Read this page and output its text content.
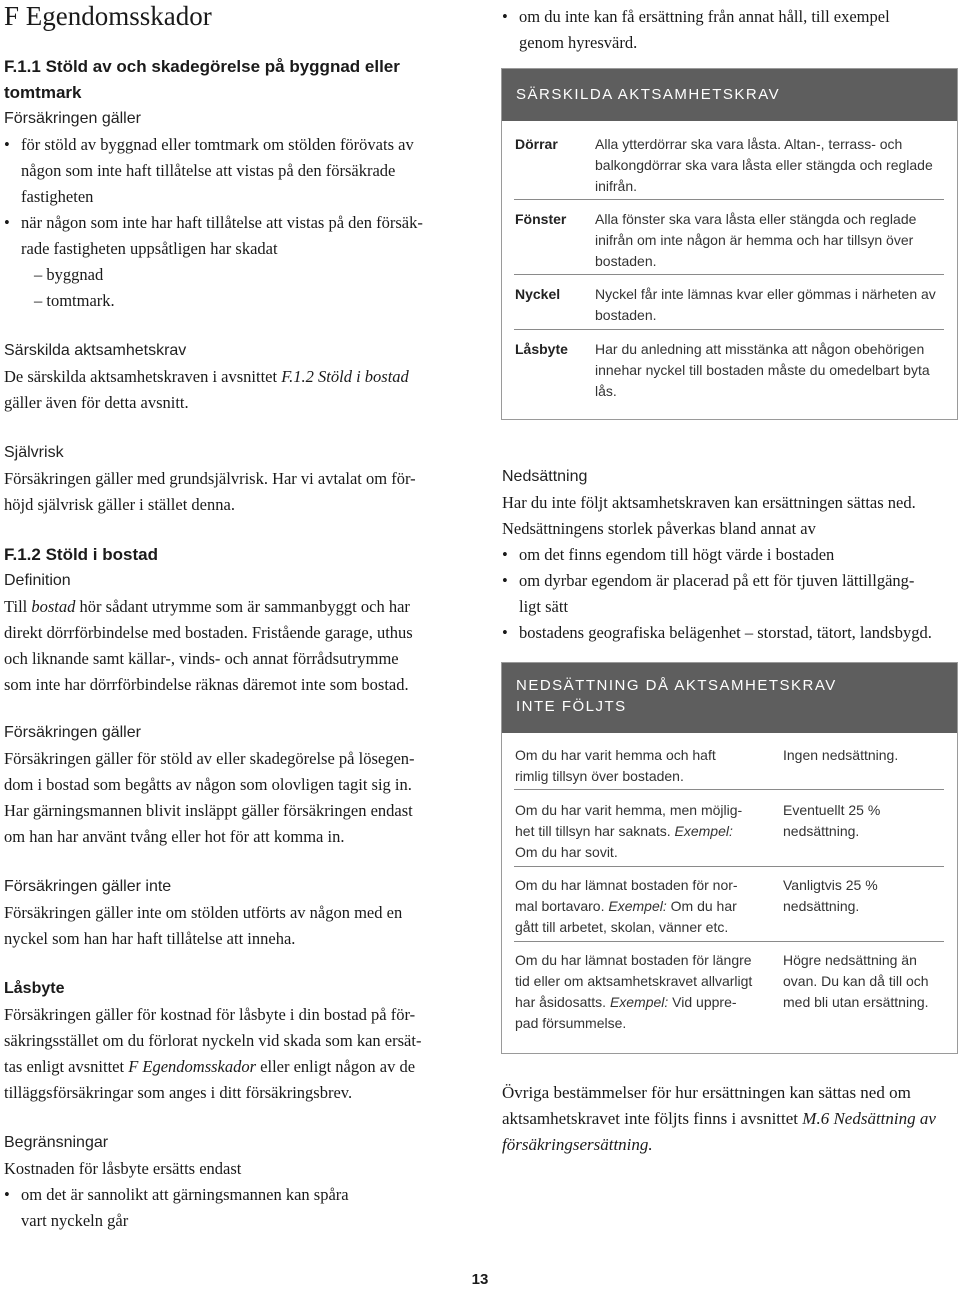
F Egendomsskador
F.1.1 Stöld av och skadegörelse på byggnad eller
tomtmark
Försäkringen gäller
• för stöld av byggnad eller tomtmark om stölden förövats av
någon som inte haft tillåtelse att vistas på den försäkrade
fastigheten
• när någon som inte har haft tillåtelse att vistas på den försäk-
rade fastigheten uppsåtligen har skadat
– byggnad
– tomtmark.
Särskilda aktsamhetskrav

De särskilda aktsamhetskraven i avsnittet F.1.2 Stöld i bostad
gäller även för detta avsnitt.

Självrisk

Försäkringen gäller med grundsjälvrisk. Har vi avtalat om för-
höjd självrisk gäller i stället denna.

F.1.2 Stöld i bostad
Definition

Till bostad hör sådant utrymme som är sammanbyggt och har
direkt dörrförbindelse med bostaden. Fristående garage, uthus
och liknande samt källar-, vinds- och annat förrådsutrymme
som inte har dörrförbindelse räknas däremot inte som bostad.

Försäkringen gäller

Försäkringen gäller för stöld av eller skadegörelse på lösegen-
dom i bostad som begåtts av någon som olovligen tagit sig in.
Har gärningsmannen blivit insläppt gäller försäkringen endast
om han har använt tvång eller hot för att komma in.

Försäkringen gäller inte

Försäkringen gäller inte om stölden utförts av någon med en
nyckel som han har haft tillåtelse att inneha.

Låsbyte

Försäkringen gäller för kostnad för låsbyte i din bostad på för-
säkringsstället om du förlorat nyckeln vid skada som kan ersät-
tas enligt avsnittet F Egendomsskador eller enligt någon av de
tilläggsförsäkringar som anges i ditt försäkringsbrev.

Begränsningar

Kostnaden för låsbyte ersätts endast

• om det är sannolikt att gärningsmannen kan spåra
vart nyckeln går
• om du inte kan få ersättning från annat håll, till exempel
genom hyresvärd.
SÄRSKILDA AKTSAMHETSKRAV
Dörrar	Alla ytterdörrar ska vara låsta. Altan-, terrass- och
balkongdörrar ska vara låsta eller stängda och reglade
inifrån.
Fönster Alla fönster ska vara låsta eller stängda och reglade
inifrån om inte någon är hemma och har tillsyn över
bostaden.
Nyckel Nyckel får inte lämnas kvar eller gömmas i närheten av
bostaden.
Låsbyte Har du anledning att misstänka att någon obehörigen
innehar nyckel till bostaden måste du omedelbart byta
lås.
Nedsättning

Har du inte följt aktsamhetskraven kan ersättningen sättas ned.
Nedsättningens storlek påverkas bland annat av

• om det finns egendom till högt värde i bostaden
• om dyrbar egendom är placerad på ett för tjuven lättillgäng-
ligt sätt
• bostadens geografiska belägenhet – storstad, tätort, landsbygd.
NEDSÄTTNING DÅ AKTSAMHETSKRAV
INTE FÖLJTS
Om du har varit hemma och haft
rimlig tillsyn över bostaden.
Ingen nedsättning.
Om du har varit hemma, men möjlig-
het till tillsyn har saknats. Exempel:
Om du har sovit.
Eventuellt 25 %
nedsättning.
Om du har lämnat bostaden för nor-
mal bortavaro. Exempel: Om du har
gått till arbetet, skolan, vänner etc.
Vanligtvis 25 %
nedsättning.
Om du har lämnat bostaden för längre
tid eller om aktsamhetskravet allvarligt
har åsidosatts. Exempel: Vid uppre-
pad försummelse.
Högre nedsättning än
ovan. Du kan då till och
med bli utan ersättning.

Övriga bestämmelser för hur ersättningen kan sättas ned om
aktsamhetskravet inte följts finns i avsnittet M.6 Nedsättning av
försäkringsersättning.

13
